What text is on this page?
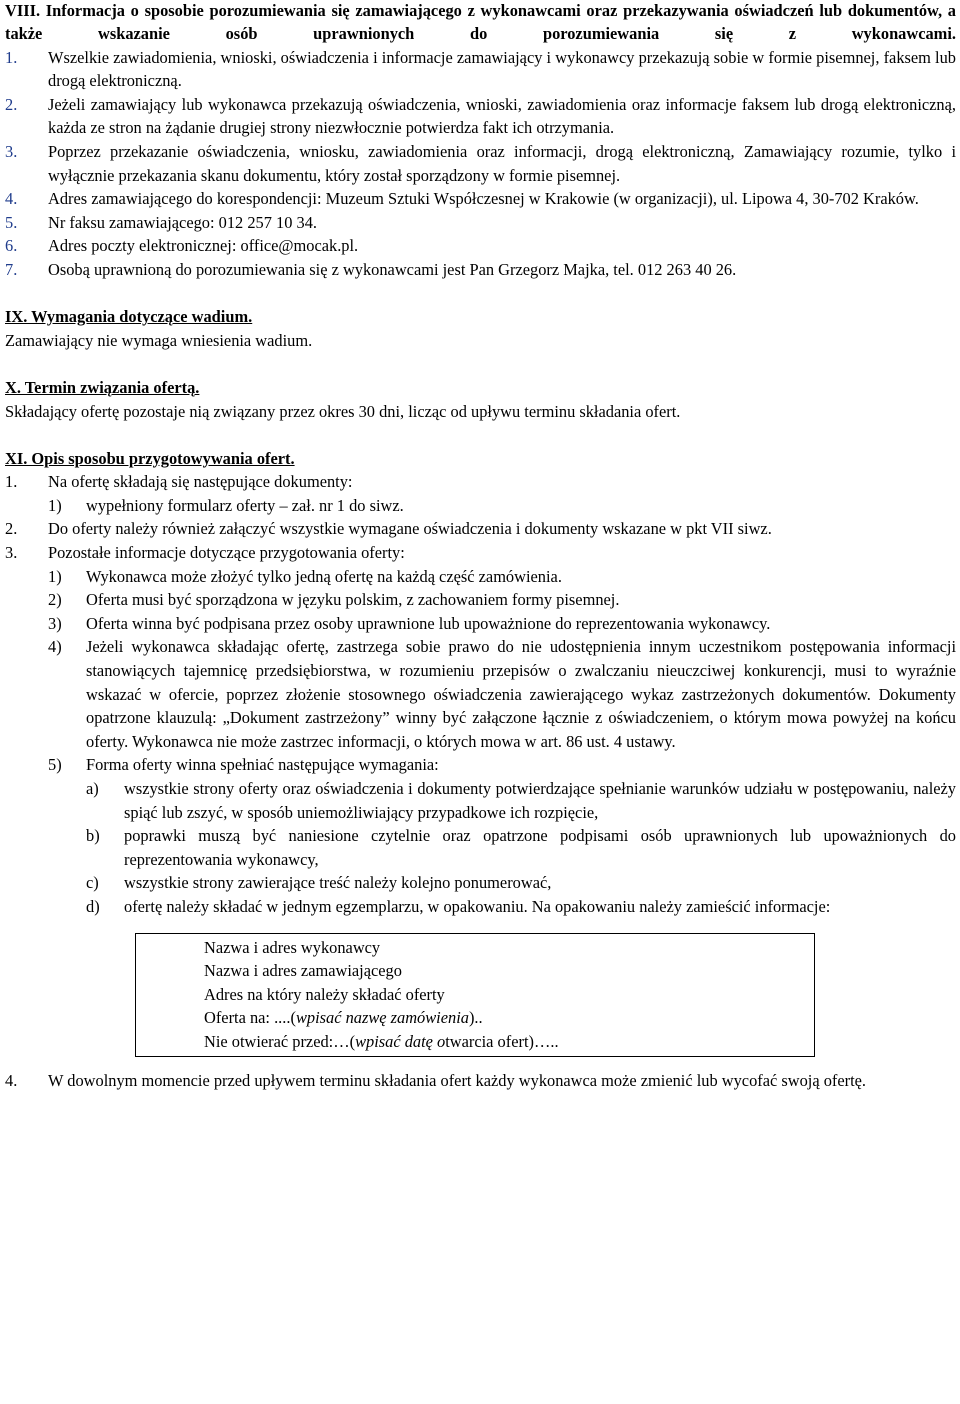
VIII. Informacja o sposobie porozumiewania się zamawiającego z wykonawcami oraz przekazywania oświadczeń lub dokumentów, a także wskazanie osób uprawnionych do porozumiewania się z wykonawcami.

1.	Wszelkie zawiadomienia, wnioski, oświadczenia i informacje zamawiający i wykonawcy przekazują sobie w formie pisemnej, faksem lub drogą elektroniczną.

2.	Jeżeli zamawiający lub wykonawca przekazują oświadczenia, wnioski, zawiadomienia oraz informacje faksem lub drogą elektroniczną, każda ze stron na żądanie drugiej strony niezwłocznie potwierdza fakt ich otrzymania.

3.	Poprzez przekazanie oświadczenia, wniosku, zawiadomienia oraz informacji, drogą elektroniczną, Zamawiający rozumie, tylko i wyłącznie przekazania skanu dokumentu, który został sporządzony w formie pisemnej.

4.	Adres zamawiającego do korespondencji: Muzeum Sztuki Współczesnej w Krakowie (w organizacji), ul. Lipowa 4, 30-702 Kraków.

5.	Nr faksu zamawiającego: 012 257 10 34.

6.	Adres poczty elektronicznej: office@mocak.pl.

7.	Osobą uprawnioną do porozumiewania się z wykonawcami jest Pan Grzegorz Majka, tel. 012 263 40 26.

IX. Wymagania dotyczące wadium.

Zamawiający nie wymaga wniesienia wadium.

X. Termin związania ofertą.

Składający ofertę pozostaje nią związany przez okres 30 dni, licząc od upływu terminu składania ofert.

XI. Opis sposobu przygotowywania ofert.

1.	Na ofertę składają się następujące dokumenty:

1)	wypełniony formularz oferty – zał. nr 1 do siwz.

2.	Do oferty należy również załączyć wszystkie wymagane oświadczenia i dokumenty wskazane w pkt VII siwz.

3.	Pozostałe informacje dotyczące przygotowania oferty:

1)	Wykonawca może złożyć tylko jedną ofertę na każdą część zamówienia.

2)	Oferta musi być sporządzona w języku polskim, z zachowaniem formy pisemnej.

3)	Oferta winna być podpisana przez osoby uprawnione lub upoważnione do reprezentowania wykonawcy.

4)	Jeżeli wykonawca składając ofertę, zastrzega sobie prawo do nie udostępnienia innym uczestnikom postępowania informacji stanowiących tajemnicę przedsiębiorstwa, w rozumieniu przepisów o zwalczaniu nieuczciwej konkurencji, musi to wyraźnie wskazać w ofercie, poprzez złożenie stosownego oświadczenia zawierającego wykaz zastrzeżonych dokumentów. Dokumenty opatrzone klauzulą: „Dokument zastrzeżony” winny być załączone łącznie z oświadczeniem, o którym mowa powyżej na końcu oferty. Wykonawca nie może zastrzec informacji, o których mowa w art. 86 ust. 4 ustawy.

5)	Forma oferty winna spełniać następujące wymagania:

a)	wszystkie strony oferty oraz oświadczenia i dokumenty potwierdzające spełnianie warunków udziału w postępowaniu, należy spiąć lub zszyć, w sposób uniemożliwiający przypadkowe ich rozpięcie,

b)	poprawki muszą być naniesione czytelnie oraz opatrzone podpisami osób uprawnionych lub upoważnionych do reprezentowania wykonawcy,

c)	wszystkie strony zawierające treść należy kolejno ponumerować,

d)	ofertę należy składać w jednym egzemplarzu, w opakowaniu. Na opakowaniu należy zamieścić informacje:

Nazwa i adres wykonawcy

Nazwa i adres zamawiającego

Adres na który należy składać oferty

Oferta na: ....(wpisać nazwę zamówienia)..

Nie otwierać przed:…(wpisać datę otwarcia ofert)…..

4.	W dowolnym momencie przed upływem terminu składania ofert każdy wykonawca może zmienić lub wycofać swoją ofertę.
